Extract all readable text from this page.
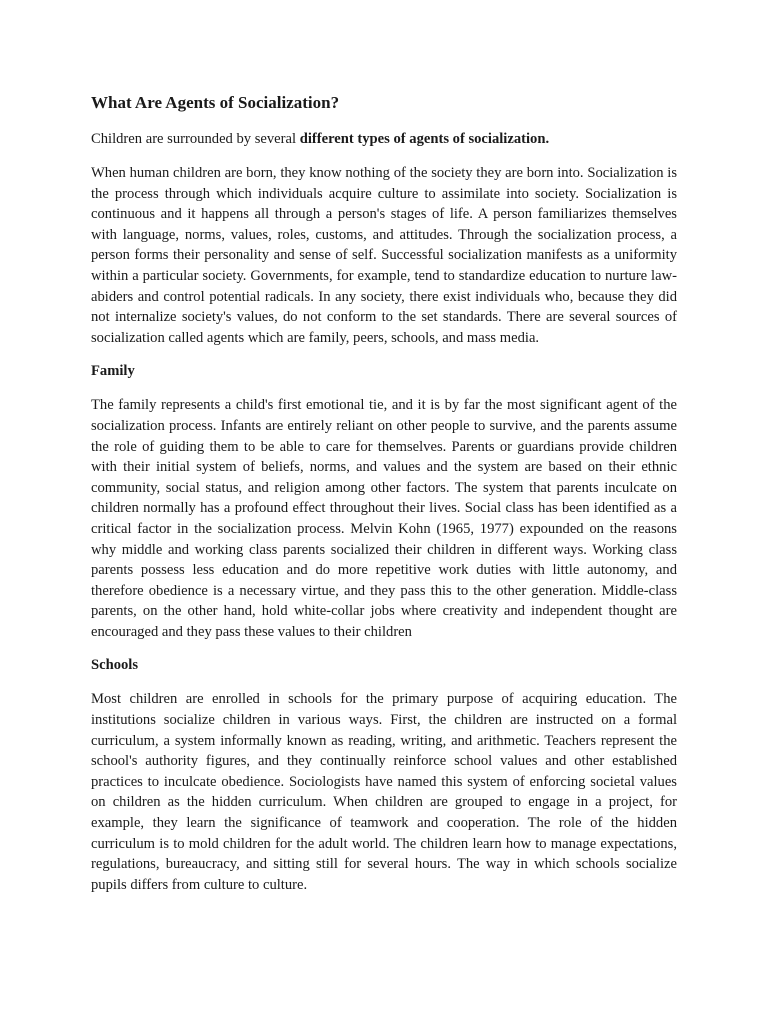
What Are Agents of Socialization?

Children are surrounded by several different types of agents of socialization.

When human children are born, they know nothing of the society they are born into. Socialization is the process through which individuals acquire culture to assimilate into society. Socialization is continuous and it happens all through a person's stages of life. A person familiarizes themselves with language, norms, values, roles, customs, and attitudes. Through the socialization process, a person forms their personality and sense of self. Successful socialization manifests as a uniformity within a particular society. Governments, for example, tend to standardize education to nurture law-abiders and control potential radicals. In any society, there exist individuals who, because they did not internalize society's values, do not conform to the set standards. There are several sources of socialization called agents which are family, peers, schools, and mass media.

Family

The family represents a child's first emotional tie, and it is by far the most significant agent of the socialization process. Infants are entirely reliant on other people to survive, and the parents assume the role of guiding them to be able to care for themselves. Parents or guardians provide children with their initial system of beliefs, norms, and values and the system are based on their ethnic community, social status, and religion among other factors. The system that parents inculcate on children normally has a profound effect throughout their lives. Social class has been identified as a critical factor in the socialization process. Melvin Kohn (1965, 1977) expounded on the reasons why middle and working class parents socialized their children in different ways. Working class parents possess less education and do more repetitive work duties with little autonomy, and therefore obedience is a necessary virtue, and they pass this to the other generation. Middle-class parents, on the other hand, hold white-collar jobs where creativity and independent thought are encouraged and they pass these values to their children

Schools

Most children are enrolled in schools for the primary purpose of acquiring education. The institutions socialize children in various ways. First, the children are instructed on a formal curriculum, a system informally known as reading, writing, and arithmetic. Teachers represent the school's authority figures, and they continually reinforce school values and other established practices to inculcate obedience. Sociologists have named this system of enforcing societal values on children as the hidden curriculum. When children are grouped to engage in a project, for example, they learn the significance of teamwork and cooperation. The role of the hidden curriculum is to mold children for the adult world. The children learn how to manage expectations, regulations, bureaucracy, and sitting still for several hours. The way in which schools socialize pupils differs from culture to culture.
